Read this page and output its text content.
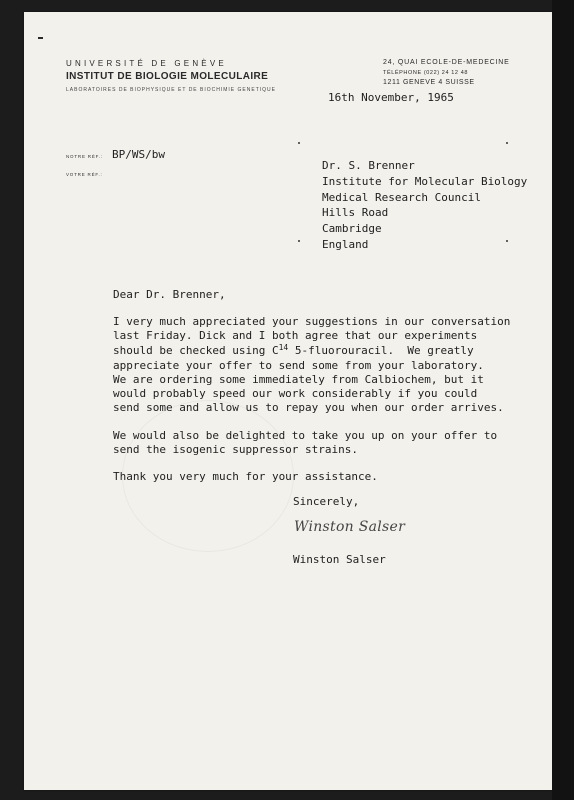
UNIVERSITÉ DE GENÈVE
INSTITUT DE BIOLOGIE MOLECULAIRE
LABORATOIRES DE BIOPHYSIQUE ET DE BIOCHIMIE GENETIQUE
24, QUAI ECOLE-DE-MEDECINE
TÉLÉPHONE (022) 24 12 48
1211 GENEVE 4 SUISSE
16th November, 1965
NOTRE RÉF.: BP/WS/bw
VOTRE RÉF.:
Dr. S. Brenner
Institute for Molecular Biology
Medical Research Council
Hills Road
Cambridge
England
Dear Dr. Brenner,
I very much appreciated your suggestions in our conversation
last Friday. Dick and I both agree that our experiments
should be checked using $C^{14}$ 5-fluorouracil.  We greatly
appreciate your offer to send some from your laboratory.
We are ordering some immediately from Calbiochem, but it
would probably speed our work considerably if you could
send some and allow us to repay you when our order arrives.
We would also be delighted to take you up on your offer to
send the isogenic suppressor strains.
Thank you very much for your assistance.
Sincerely,
Winston Salser
Winston Salser
